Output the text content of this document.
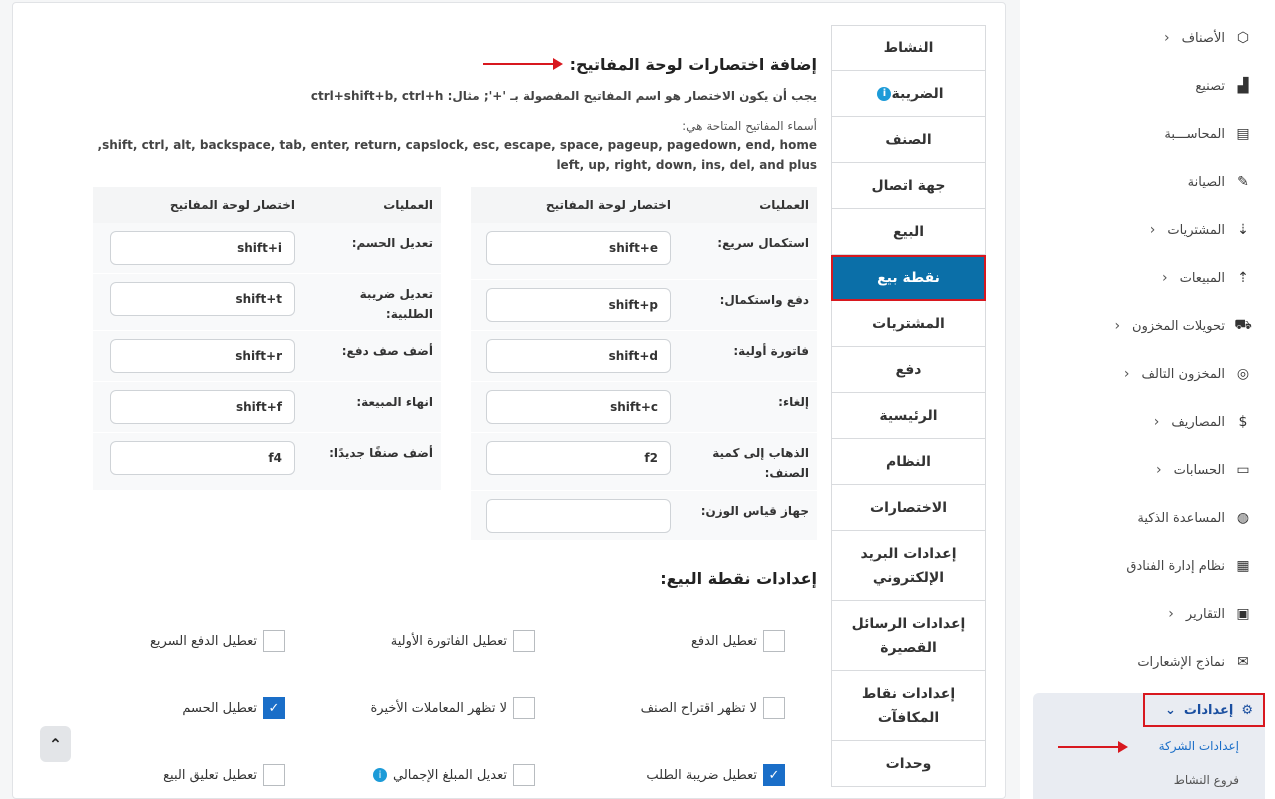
النشاط
الضريبة
i
الصنف
جهة اتصال
البيع
نقطة بيع
المشتريات
دفع
الرئيسية
النظام
الاختصارات
إعدادات البريد الإلكتروني
إعدادات الرسائل القصيرة
إعدادات نقاط المكافآت
وحدات
إضافة اختصارات لوحة المفاتيح:
يجب أن يكون الاختصار هو اسم المفاتيح المفصولة بـ '+'; مثال: ctrl+shift+b, ctrl+h
أسماء المفاتيح المتاحة هي:
shift, ctrl, alt, backspace, tab, enter, return, capslock, esc, escape, space, pageup, pagedown, end, home,
left, up, right, down, ins, del, and plus
العمليات
اختصار لوحة المفاتيح
استكمال سريع:
shift+e
دفع واستكمال:
shift+p
فاتورة أولية:
shift+d
إلغاء:
shift+c
الذهاب إلى كمية الصنف:
f2
جهاز قياس الوزن:
العمليات
اختصار لوحة المفاتيح
تعديل الحسم:
shift+i
تعديل ضريبة الطلبية:
shift+t
أضف صف دفع:
shift+r
انهاء المبيعة:
shift+f
أضف صنفًا جديدًا:
f4
إعدادات نقطة البيع:
تعطيل الدفع
تعطيل الفاتورة الأولية
تعطيل الدفع السريع
لا تظهر اقتراح الصنف
لا تظهر المعاملات الأخيرة
✓
تعطيل الحسم
✓
تعطيل ضريبة الطلب
تعديل المبلغ الإجمالي
i
تعطيل تعليق البيع
⌃
⬡
الأصناف
‹
▟
تصنيع
▤
المحاســـبة
✎
الصيانة
⇣
المشتريات
‹
⇡
المبيعات
‹
⛟
تحويلات المخزون
‹
◎
المخزون التالف
‹
$
المصاريف
‹
▭
الحسابات
‹
◍
المساعدة الذكية
▦
نظام إدارة الفنادق
▣
التقارير
‹
✉
نماذج الإشعارات
⚙
إعدادات
⌄
إعدادات الشركة
فروع النشاط
